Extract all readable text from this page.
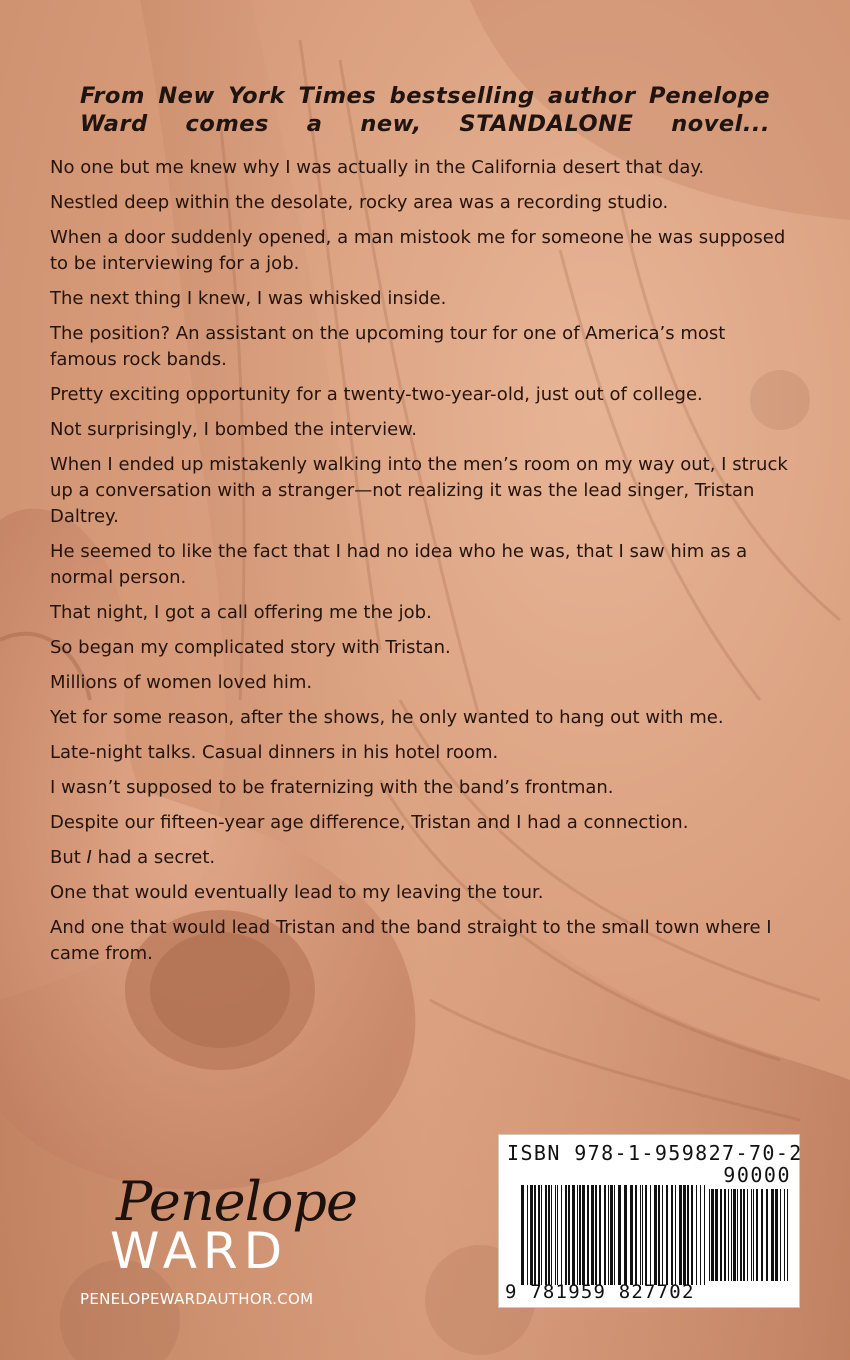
From New York Times bestselling author Penelope Ward comes a new, STANDALONE novel...

No one but me knew why I was actually in the California desert that day.

Nestled deep within the desolate, rocky area was a recording studio.

When a door suddenly opened, a man mistook me for someone he was supposed to be interviewing for a job.

The next thing I knew, I was whisked inside.

The position? An assistant on the upcoming tour for one of America’s most famous rock bands.

Pretty exciting opportunity for a twenty-two-year-old, just out of college.

Not surprisingly, I bombed the interview.

When I ended up mistakenly walking into the men’s room on my way out, I struck up a conversation with a stranger—not realizing it was the lead singer, Tristan Daltrey.

He seemed to like the fact that I had no idea who he was, that I saw him as a normal person.

That night, I got a call offering me the job.

So began my complicated story with Tristan.

Millions of women loved him.

Yet for some reason, after the shows, he only wanted to hang out with me.

Late-night talks. Casual dinners in his hotel room.

I wasn’t supposed to be fraternizing with the band’s frontman.

Despite our fifteen-year age difference, Tristan and I had a connection.

But I had a secret.

One that would eventually lead to my leaving the tour.

And one that would lead Tristan and the band straight to the small town where I came from.

Penelope
WARD
PENELOPEWARDAUTHOR.COM
ISBN 978-1-959827-70-2
90000
9 781959 827702
